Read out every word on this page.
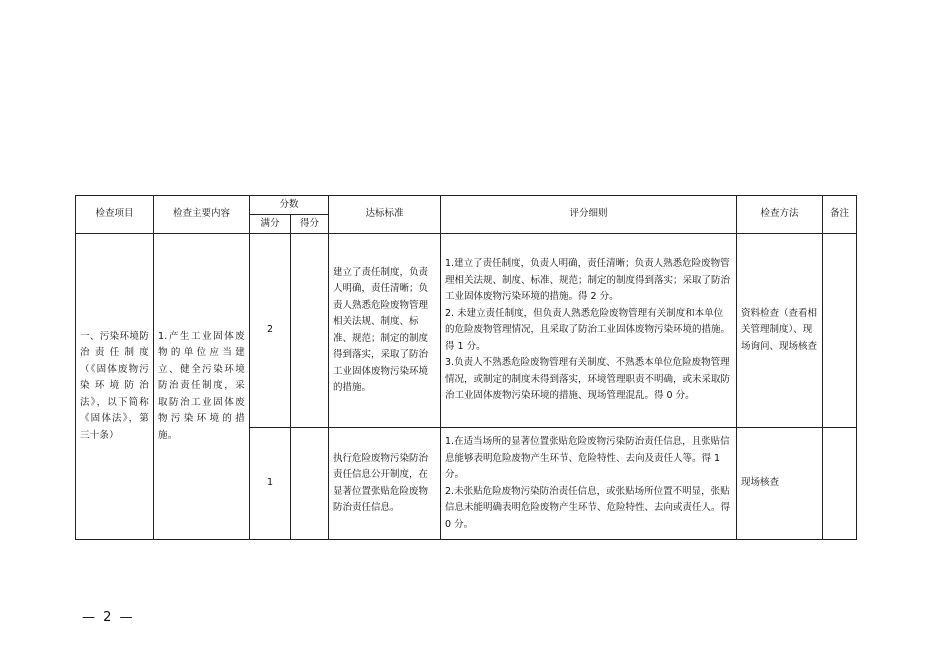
检查项目	检查主要内容	分数		达标标准	评分细则	检查方法	备注
		满分	得分				
一、污染环境防治责任制度（《固体废物污染环境防治法》，以下简称《固体法》，第三十条）	1.产生工业固体废物的单位应当建立、健全污染环境防治责任制度，采取防治工业固体废物污染环境的措施。	2		建立了责任制度，负责人明确，责任清晰；负责人熟悉危险废物管理相关法规、制度、标准、规范；制定的制度得到落实，采取了防治工业固体废物污染环境的措施。	1.建立了责任制度，负责人明确，责任清晰；负责人熟悉危险废物管理相关法规、制度、标准、规范；制定的制度得到落实；采取了防治工业固体废物污染环境的措施。得 2 分。
2. 未建立责任制度，但负责人熟悉危险废物管理有关制度和本单位的危险废物管理情况，且采取了防治工业固体废物污染环境的措施。得 1 分。
3.负责人不熟悉危险废物管理有关制度、不熟悉本单位危险废物管理情况，或制定的制度未得到落实，环境管理职责不明确，或未采取防治工业固体废物污染环境的措施、现场管理混乱。得 0 分。	资料检查（查看相关管理制度）、现场询问、现场核查	
		1		执行危险废物污染防治责任信息公开制度，在显著位置张贴危险废物防治责任信息。	1.在适当场所的显著位置张贴危险废物污染防治责任信息，且张贴信息能够表明危险废物产生环节、危险特性、去向及责任人等。得 1 分。
2.未张贴危险废物污染防治责任信息，或张贴场所位置不明显，张贴信息未能明确表明危险废物产生环节、危险特性、去向或责任人。得 0 分。	现场核查	
— 2 —
